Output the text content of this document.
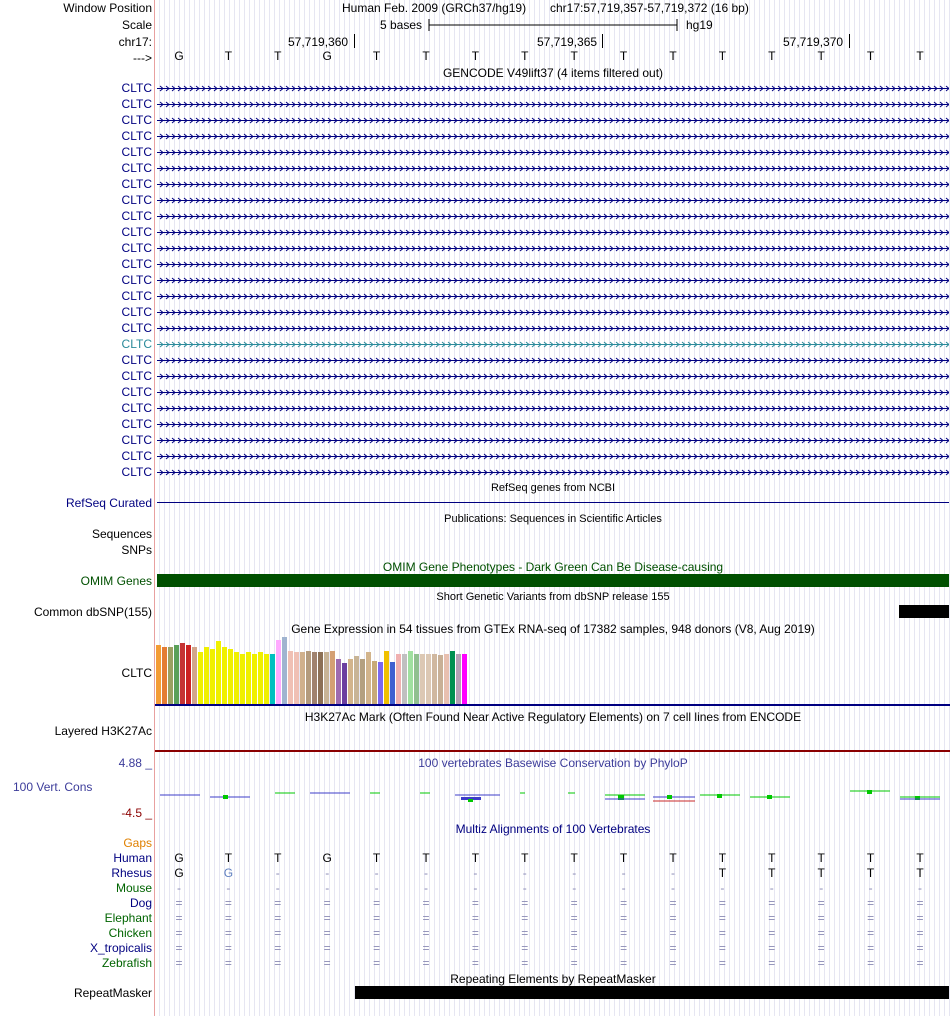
Window Position	Human Feb. 2009 (GRCh37/hg19) chr17:57,719,357-57,719,372 (16 bp)
Scale	5 bases	hg19
chr17:	57,719,360	57,719,365	57,719,370
--->	G	T	T	G	T	T	T	T	T	T	T	T	T	T	T	T
GENCODE V49lift37 (4 items filtered out)
CLTC
CLTC
CLTC
CLTC
CLTC
CLTC
CLTC
CLTC
CLTC
CLTC
CLTC
CLTC
CLTC
CLTC
CLTC
CLTC
CLTC
CLTC
CLTC
CLTC
CLTC
CLTC
CLTC
CLTC
CLTC
RefSeq genes from NCBI
RefSeq Curated
Publications: Sequences in Scientific Articles
Sequences
SNPs
OMIM Gene Phenotypes - Dark Green Can Be Disease-causing
OMIM Genes
Short Genetic Variants from dbSNP release 155
Common dbSNP(155)
Gene Expression in 54 tissues from GTEx RNA-seq of 17382 samples, 948 donors (V8, Aug 2019)
CLTC
H3K27Ac Mark (Often Found Near Active Regulatory Elements) on 7 cell lines from ENCODE
Layered H3K27Ac
100 vertebrates Basewise Conservation by PhyloP
4.88 _
100 Vert. Cons
-4.5 _
Multiz Alignments of 100 Vertebrates
Gaps
Human	G	T	T	G	T	T	T	T	T	T	T	T	T	T	T	T
Rhesus	G	G	-	-	-	-	-	-	-	-	-	T	T	T	T	T
Mouse	-	-	-	-	-	-	-	-	-	-	-	-	-	-	-	-
Dog	=	=	=	=	=	=	=	=	=	=	=	=	=	=	=	=
Elephant	=	=	=	=	=	=	=	=	=	=	=	=	=	=	=	=
Chicken	=	=	=	=	=	=	=	=	=	=	=	=	=	=	=	=
X_tropicalis	=	=	=	=	=	=	=	=	=	=	=	=	=	=	=	=
Zebrafish	=	=	=	=	=	=	=	=	=	=	=	=	=	=	=	=
Repeating Elements by RepeatMasker
RepeatMasker
